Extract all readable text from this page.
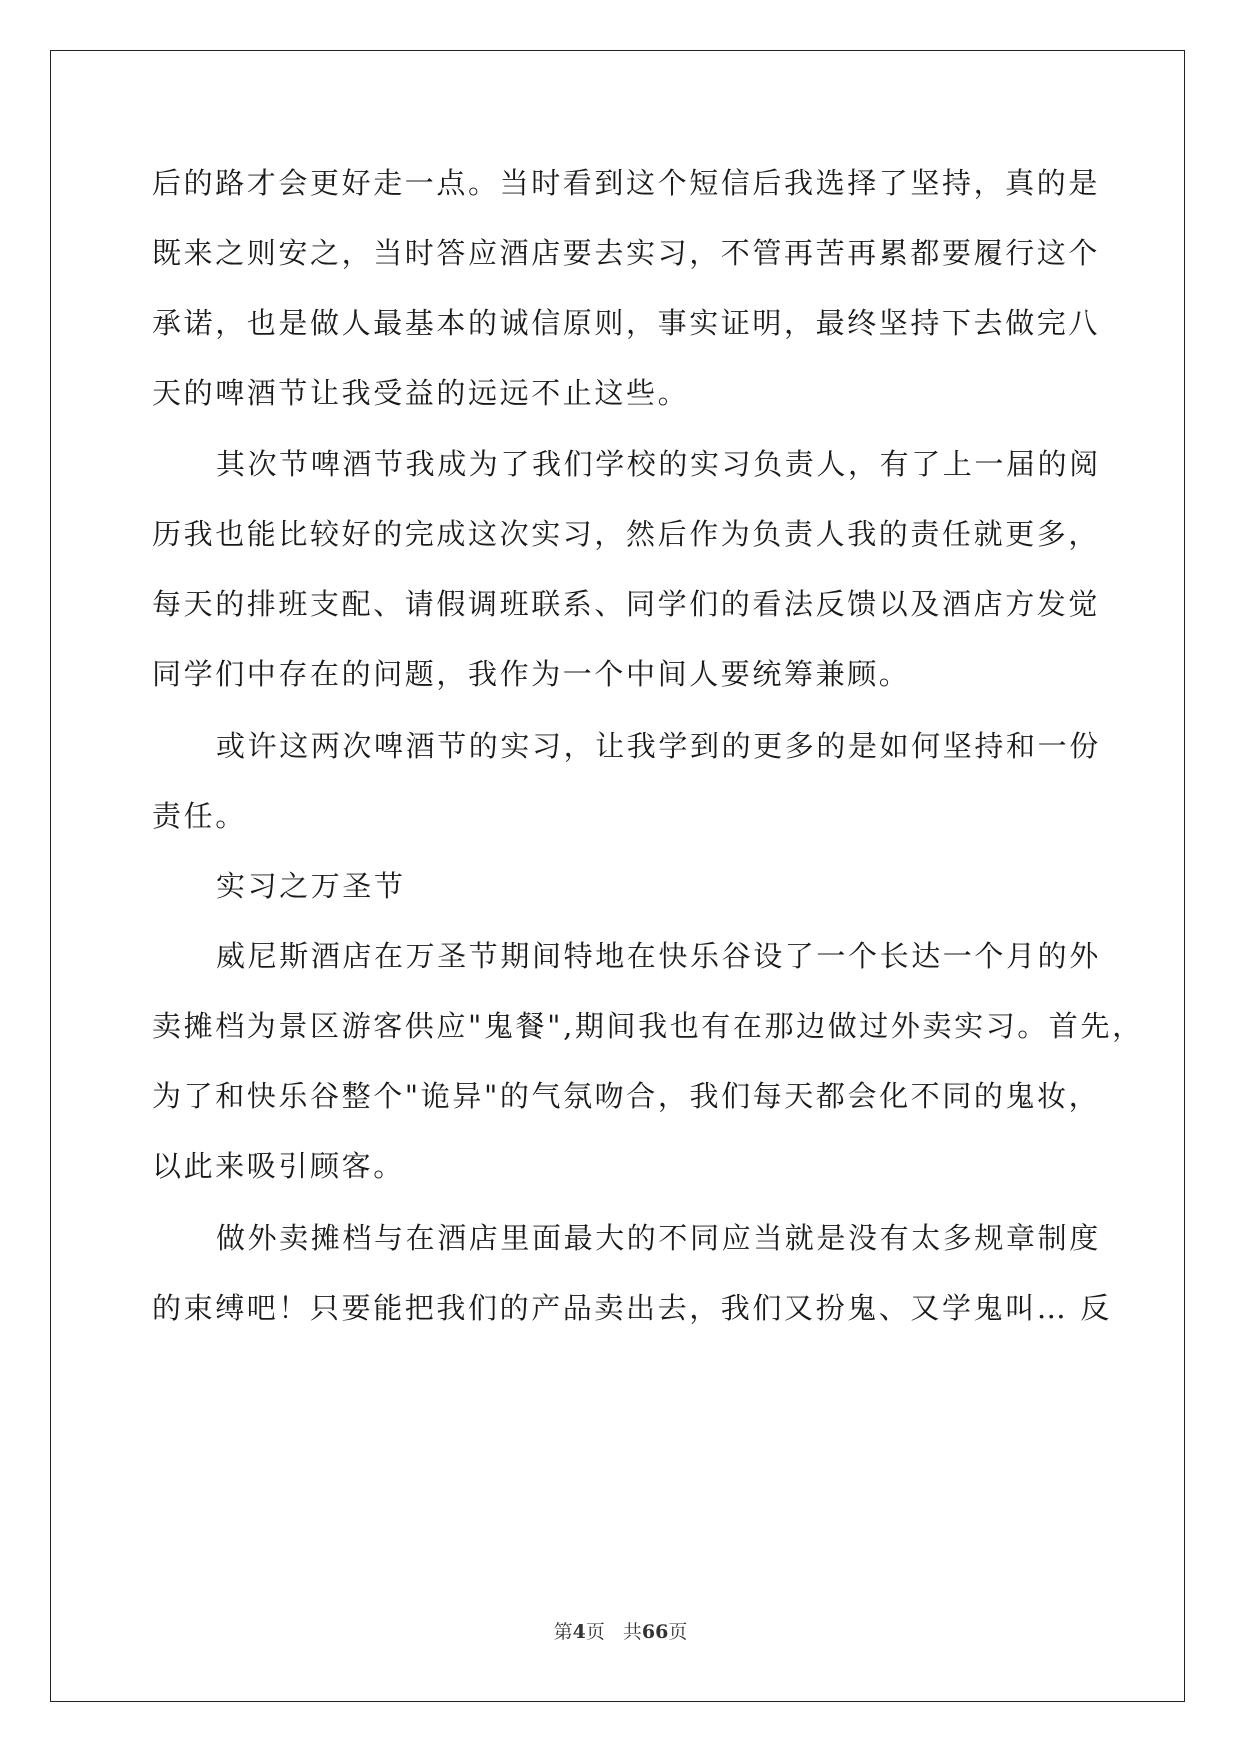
后的路才会更好走一点。当时看到这个短信后我选择了坚持，真的是
既来之则安之，当时答应酒店要去实习，不管再苦再累都要履行这个
承诺，也是做人最基本的诚信原则，事实证明，最终坚持下去做完八
天的啤酒节让我受益的远远不止这些。
其次节啤酒节我成为了我们学校的实习负责人，有了上一届的阅
历我也能比较好的完成这次实习，然后作为负责人我的责任就更多，
每天的排班支配、请假调班联系、同学们的看法反馈以及酒店方发觉
同学们中存在的问题，我作为一个中间人要统筹兼顾。
或许这两次啤酒节的实习，让我学到的更多的是如何坚持和一份
责任。
实习之万圣节
威尼斯酒店在万圣节期间特地在快乐谷设了一个长达一个月的外
卖摊档为景区游客供应"鬼餐",期间我也有在那边做过外卖实习。首先，
为了和快乐谷整个"诡异"的气氛吻合，我们每天都会化不同的鬼妆，
以此来吸引顾客。
做外卖摊档与在酒店里面最大的不同应当就是没有太多规章制度
的束缚吧！只要能把我们的产品卖出去，我们又扮鬼、又学鬼叫… 反
第4页 共66页
